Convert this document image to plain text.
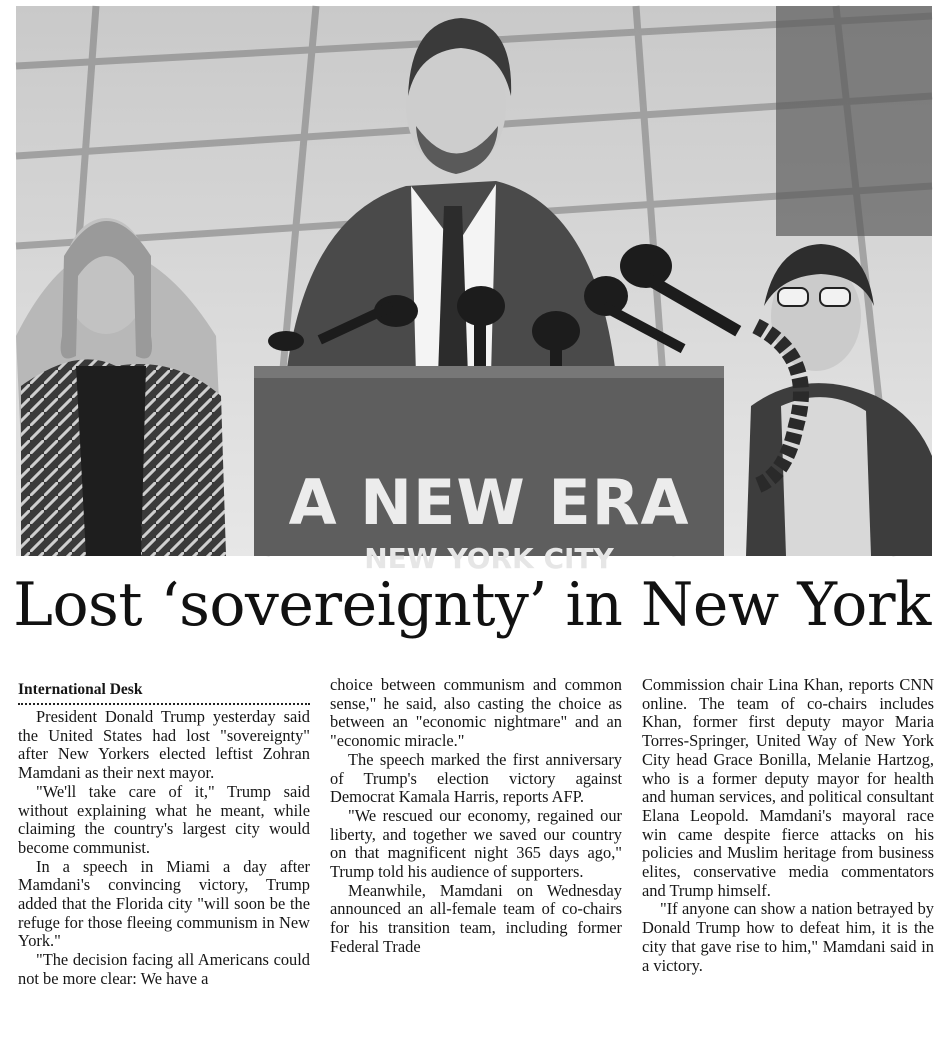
A NEW ERA
NEW YORK CITY
Lost ‘sovereignty’ in New York
International Desk

President Donald Trump yesterday said the United States had lost "sovereignty" after New Yorkers elected leftist Zohran Mamdani as their next mayor.

"We'll take care of it," Trump said without explaining what he meant, while claiming the country's largest city would become communist.

In a speech in Miami a day after Mamdani's convincing victory, Trump added that the Florida city "will soon be the refuge for those fleeing communism in New York."

"The decision facing all Americans could not be more clear: We have a

choice between communism and common sense," he said, also casting the choice as between an "economic nightmare" and an "economic miracle."

The speech marked the first anniversary of Trump's election victory against Democrat Kamala Harris, reports AFP.

"We rescued our economy, regained our liberty, and together we saved our country on that magnificent night 365 days ago," Trump told his audience of supporters.

Meanwhile, Mamdani on Wednesday announced an all-female team of co-chairs for his transition team, including former Federal Trade

Commission chair Lina Khan, reports CNN online. The team of co-chairs includes Khan, former first deputy mayor Maria Torres-Springer, United Way of New York City head Grace Bonilla, Melanie Hartzog, who is a former deputy mayor for health and human services, and political consultant Elana Leopold. Mamdani's mayoral race win came despite fierce attacks on his policies and Muslim heritage from business elites, conservative media commentators and Trump himself.

"If anyone can show a nation betrayed by Donald Trump how to defeat him, it is the city that gave rise to him," Mamdani said in a victory.
